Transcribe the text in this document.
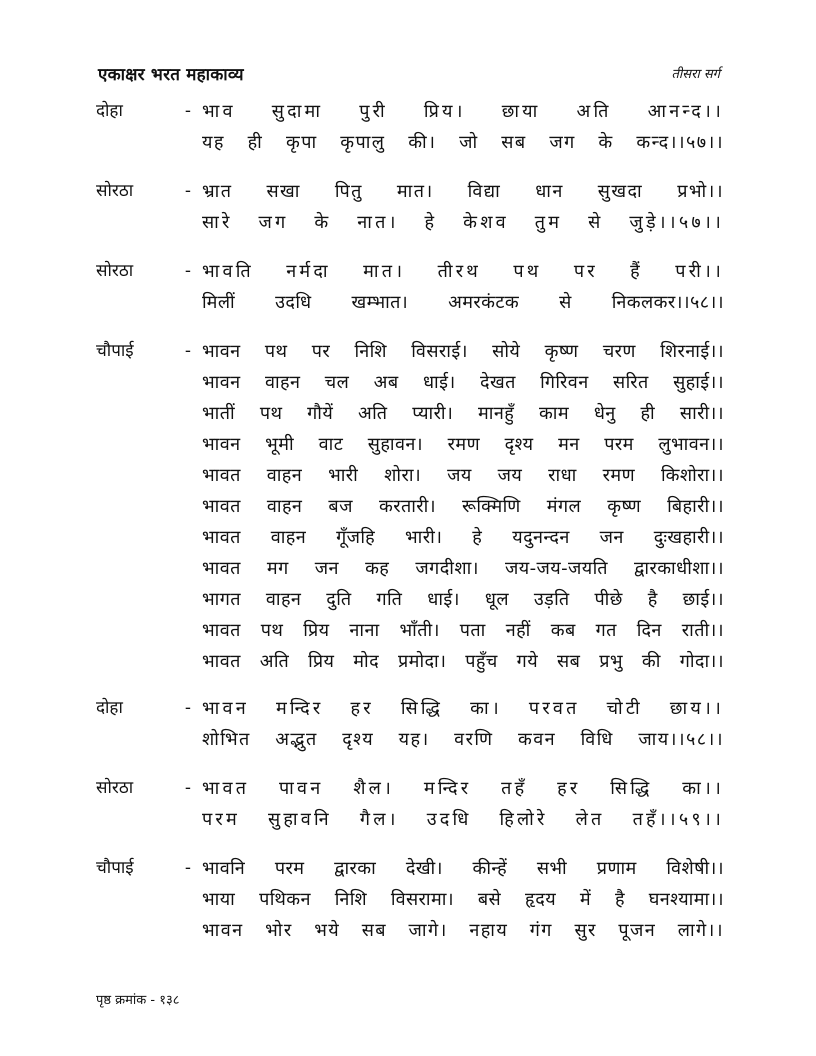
एकाक्षर भरत महाकाव्य	तीसरा सर्ग
दोहा	- भाव सुदामा पुरी प्रिय। छाया अति आनन्द।।
यह ही कृपा कृपालु की। जो सब जग के कन्द।।५७।।
सोरठा	- भ्रात सखा पितु मात। विद्या धान सुखदा प्रभो।।
सारे जग के नात। हे केशव तुम से जुड़े।।५७।।
सोरठा	- भावति नर्मदा मात। तीरथ पथ पर हैं परी।।
मिलीं उदधि खम्भात। अमरकंटक से निकलकर।।५८।।
चौपाई	- भावन पथ पर निशि विसराई। सोये कृष्ण चरण शिरनाई।।
भावन वाहन चल अब धाई। देखत गिरिवन सरित सुहाई।।
भातीं पथ गौयें अति प्यारी। मानहुँ काम धेनु ही सारी।।
भावन भूमी वाट सुहावन। रमण दृश्य मन परम लुभावन।।
भावत वाहन भारी शोरा। जय जय राधा रमण किशोरा।।
भावत वाहन बज करतारी। रूक्मिणि मंगल कृष्ण बिहारी।।
भावत वाहन गूँजहि भारी। हे यदुनन्दन जन दुःखहारी।।
भावत मग जन कह जगदीशा। जय-जय-जयति द्वारकाधीशा।।
भागत वाहन दुति गति धाई। धूल उड़ति पीछे है छाई।।
भावत पथ प्रिय नाना भाँती। पता नहीं कब गत दिन राती।।
भावत अति प्रिय मोद प्रमोदा। पहुँच गये सब प्रभु की गोदा।।
दोहा	- भावन मन्दिर हर सिद्धि का। परवत चोटी छाय।।
शोभित अद्भुत दृश्य यह। वरणि कवन विधि जाय।।५८।।
सोरठा	- भावत पावन शैल। मन्दिर तहँ हर सिद्धि का।।
परम सुहावनि गैल। उदधि हिलोरे लेत तहँ।।५९।।
चौपाई	- भावनि परम द्वारका देखी। कीन्हें सभी प्रणाम विशेषी।।
भाया पथिकन निशि विसरामा। बसे हृदय में है घनश्यामा।।
भावन भोर भये सब जागे। नहाय गंग सुर पूजन लागे।।
पृष्ठ क्रमांक - १३८
